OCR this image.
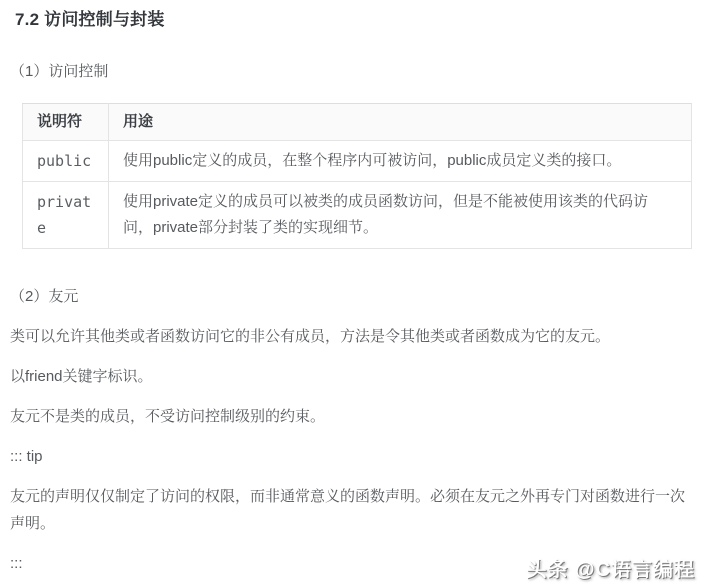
7.2 访问控制与封装

（1）访问控制

说明符	用途
public	使用public定义的成员，在整个程序内可被访问，public成员定义类的接口。
private	使用private定义的成员可以被类的成员函数访问，但是不能被使用该类的代码访问，private部分封装了类的实现细节。

（2）友元

类可以允许其他类或者函数访问它的非公有成员，方法是令其他类或者函数成为它的友元。

以friend关键字标识。

友元不是类的成员，不受访问控制级别的约束。

::: tip

友元的声明仅仅制定了访问的权限，而非通常意义的函数声明。必须在友元之外再专门对函数进行一次声明。

:::	头条 @C语言编程
